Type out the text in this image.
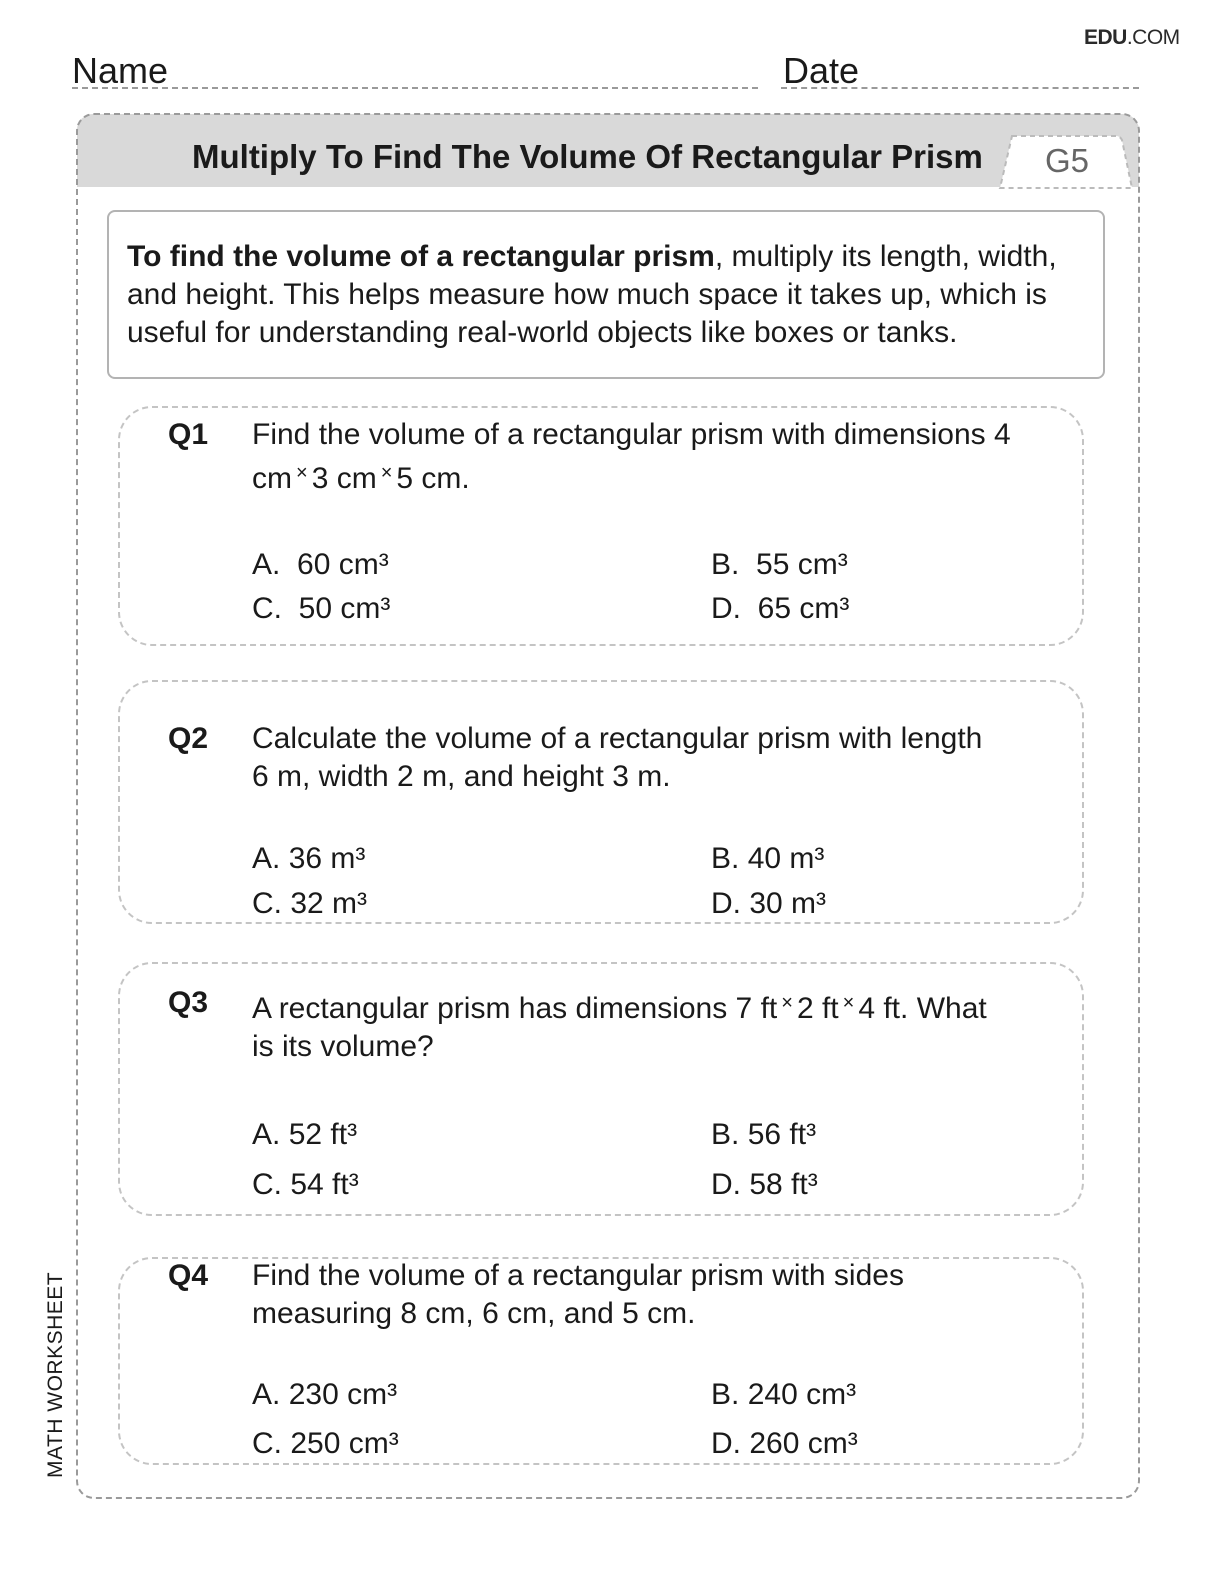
EDU.COM
Name	Date
Multiply To Find The Volume Of Rectangular Prism	G5
To find the volume of a rectangular prism, multiply its length, width, and height. This helps measure how much space it takes up, which is useful for understanding real-world objects like boxes or tanks.
Q1 Find the volume of a rectangular prism with dimensions 4
cm × 3 cm × 5 cm.
A. 60 cm³	B. 55 cm³
C. 50 cm³	D. 65 cm³
Q2 Calculate the volume of a rectangular prism with length
6 m, width 2 m, and height 3 m.
A. 36 m³	B. 40 m³
C. 32 m³	D. 30 m³
Q3 A rectangular prism has dimensions 7 ft × 2 ft × 4 ft. What
is its volume?
A. 52 ft³	B. 56 ft³
C. 54 ft³	D. 58 ft³
Q4 Find the volume of a rectangular prism with sides
measuring 8 cm, 6 cm, and 5 cm.
A. 230 cm³	B. 240 cm³
C. 250 cm³	D. 260 cm³
MATH WORKSHEET
